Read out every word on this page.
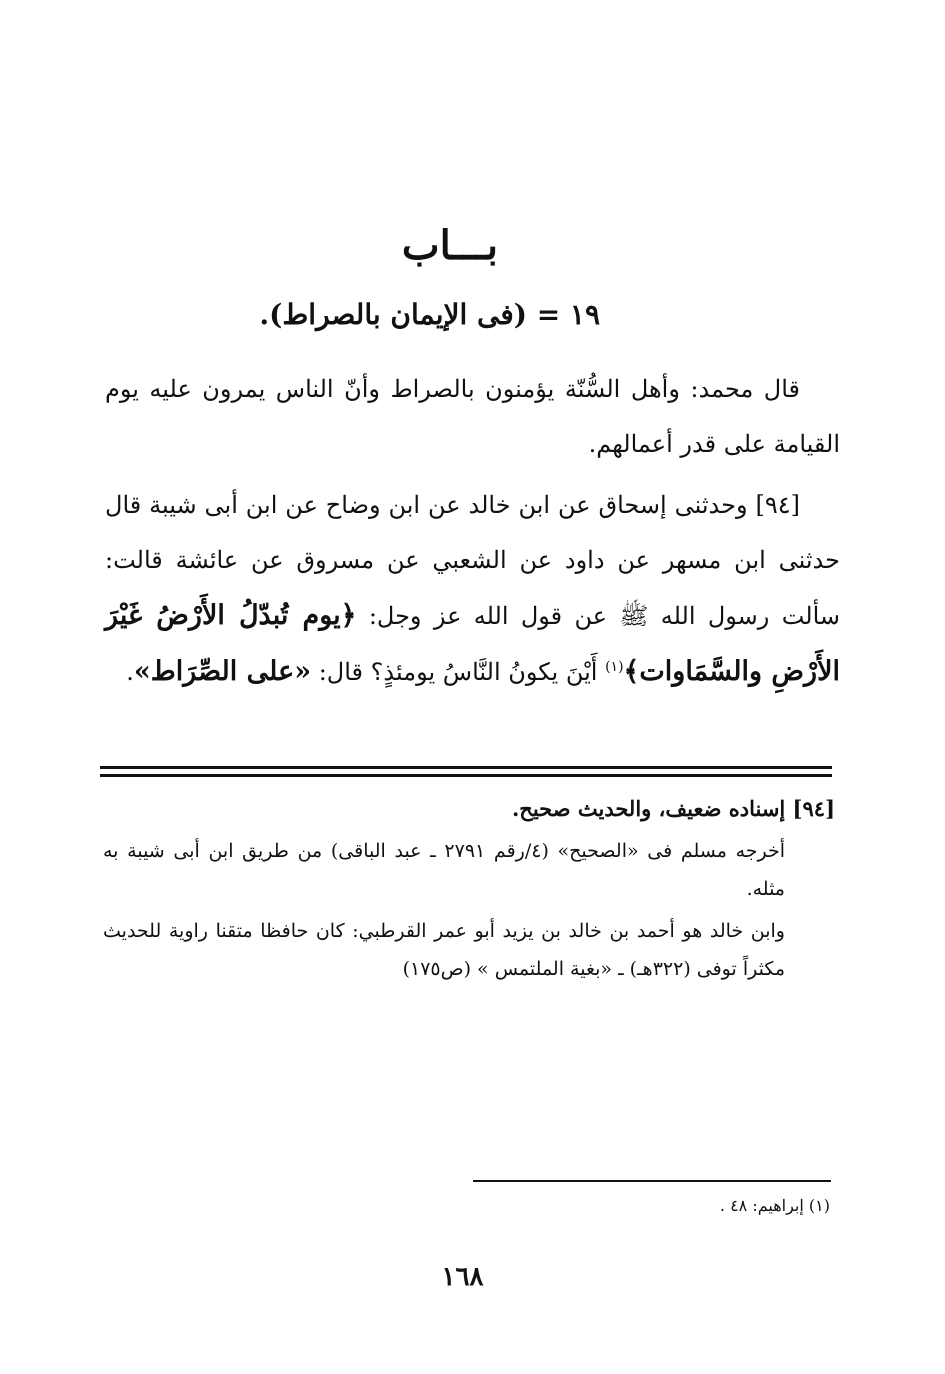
بـــاب
١٩ = (فى الإيمان بالصراط).

قال محمد: وأهل السُّنّة يؤمنون بالصراط وأنّ الناس يمرون عليه يوم القيامة على قدر أعمالهم.

[٩٤] وحدثنى إسحاق عن ابن خالد عن ابن وضاح عن ابن أبى شيبة قال حدثنى ابن مسهر عن داود عن الشعبي عن مسروق عن عائشة قالت: سألت رسول الله ﷺ عن قول الله عز وجل: ﴿يوم تُبدّلُ الأَرْضُ غَيْرَ الأَرْضِ والسَّمَاوات﴾$^{(١)}$ أَيْنَ يكونُ النَّاسُ يومئذٍ؟ قال: «على الصِّرَاط».

[٩٤] إسناده ضعيف، والحديث صحيح.

أخرجه مسلم فى «الصحيح» (٤/رقم ٢٧٩١ ـ عبد الباقى) من طريق ابن أبى شيبة به مثله.

وابن خالد هو أحمد بن خالد بن يزيد أبو عمر القرطبي: كان حافظا متقنا راوية للحديث مكثراً توفى (٣٢٢هـ) ـ «بغية الملتمس » (ص١٧٥)

(١) إبراهيم: ٤٨ .
١٦٨
